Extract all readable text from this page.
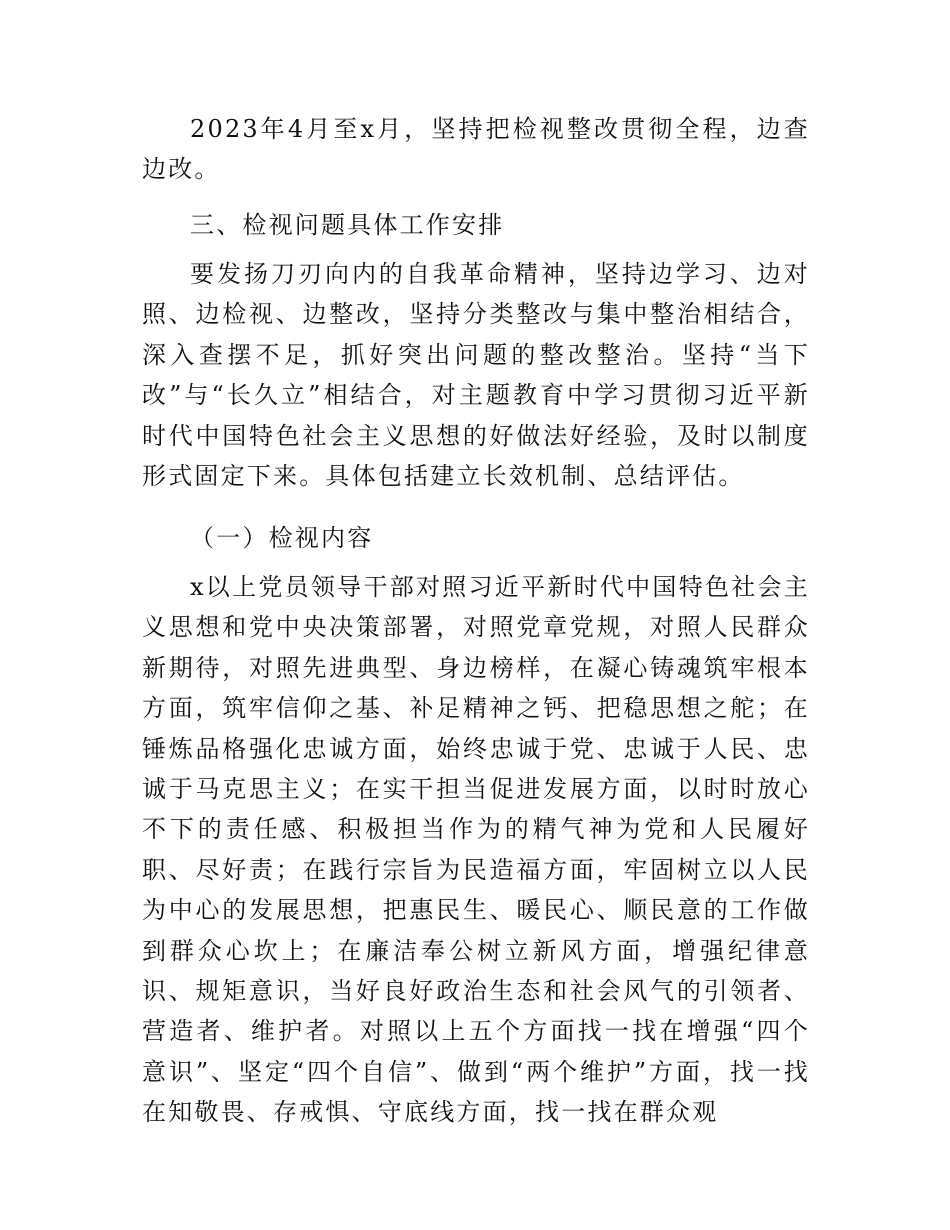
2023年4月至x月，坚持把检视整改贯彻全程，边查边改。

三、检视问题具体工作安排

要发扬刀刃向内的自我革命精神，坚持边学习、边对照、边检视、边整改，坚持分类整改与集中整治相结合，深入查摆不足，抓好突出问题的整改整治。坚持“当下改”与“长久立”相结合，对主题教育中学习贯彻习近平新时代中国特色社会主义思想的好做法好经验，及时以制度形式固定下来。具体包括建立长效机制、总结评估。

（一）检视内容

x以上党员领导干部对照习近平新时代中国特色社会主义思想和党中央决策部署，对照党章党规，对照人民群众新期待，对照先进典型、身边榜样，在凝心铸魂筑牢根本方面，筑牢信仰之基、补足精神之钙、把稳思想之舵；在锤炼品格强化忠诚方面，始终忠诚于党、忠诚于人民、忠诚于马克思主义；在实干担当促进发展方面，以时时放心不下的责任感、积极担当作为的精气神为党和人民履好职、尽好责；在践行宗旨为民造福方面，牢固树立以人民为中心的发展思想，把惠民生、暖民心、顺民意的工作做到群众心坎上；在廉洁奉公树立新风方面，增强纪律意识、规矩意识，当好良好政治生态和社会风气的引领者、营造者、维护者。对照以上五个方面找一找在增强“四个意识”、坚定“四个自信”、做到“两个维护”方面，找一找在知敬畏、存戒惧、守底线方面，找一找在群众观
